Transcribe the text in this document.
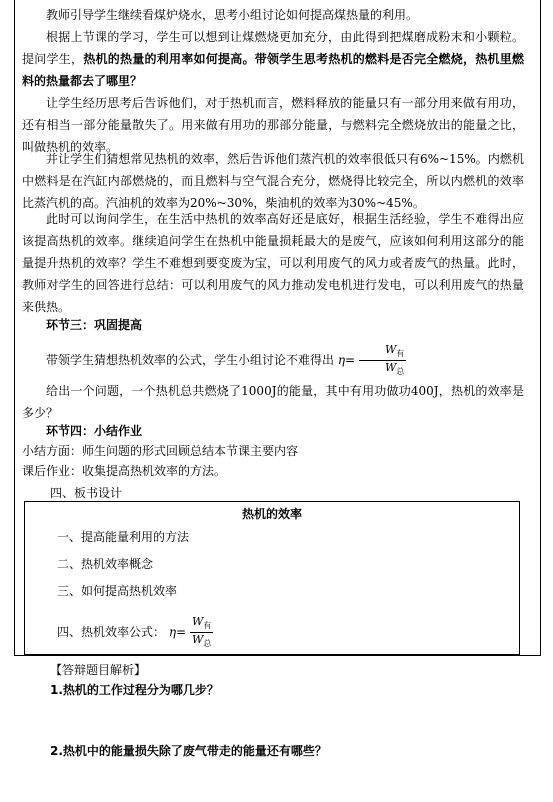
教师引导学生继续看煤炉烧水，思考小组讨论如何提高煤热量的利用。

根据上节课的学习，学生可以想到让煤燃烧更加充分，由此得到把煤磨成粉末和小颗粒。提问学生，热机的热量的利用率如何提高。带领学生思考热机的燃料是否完全燃烧，热机里燃料的热量都去了哪里？

让学生经历思考后告诉他们，对于热机而言，燃料释放的能量只有一部分用来做有用功，还有相当一部分能量散失了。用来做有用功的那部分能量，与燃料完全燃烧放出的能量之比，叫做热机的效率。

并让学生们猜想常见热机的效率，然后告诉他们蒸汽机的效率很低只有6%~15%。内燃机中燃料是在汽缸内部燃烧的，而且燃料与空气混合充分，燃烧得比较完全，所以内燃机的效率比蒸汽机的高。汽油机的效率为20%~30%，柴油机的效率为30%~45%。

此时可以询问学生，在生活中热机的效率高好还是底好，根据生活经验，学生不难得出应该提高热机的效率。继续追问学生在热机中能量损耗最大的是废气，应该如何利用这部分的能量提升热机的效率？学生不难想到要变废为宝，可以利用废气的风力或者废气的热量。此时，教师对学生的回答进行总结：可以利用废气的风力推动发电机进行发电，可以利用废气的热量来供热。

环节三：巩固提高

带领学生猜想热机效率的公式，学生小组讨论不难得出 $\eta= \frac{W_有}{W_总}$

给出一个问题，一个热机总共燃烧了1000J的能量，其中有用功做功400J，热机的效率是多少？

环节四：小结作业

小结方面：师生问题的形式回顾总结本节课主要内容

课后作业：收集提高热机效率的方法。

四、板书设计

热机的效率
一、提高能量利用的方法
二、热机效率概念
三、如何提高热机效率
四、热机效率公式： $\eta= \frac{W_有}{W_总}$
【答辩题目解析】
1.热机的工作过程分为哪几步？
2.热机中的能量损失除了废气带走的能量还有哪些？
